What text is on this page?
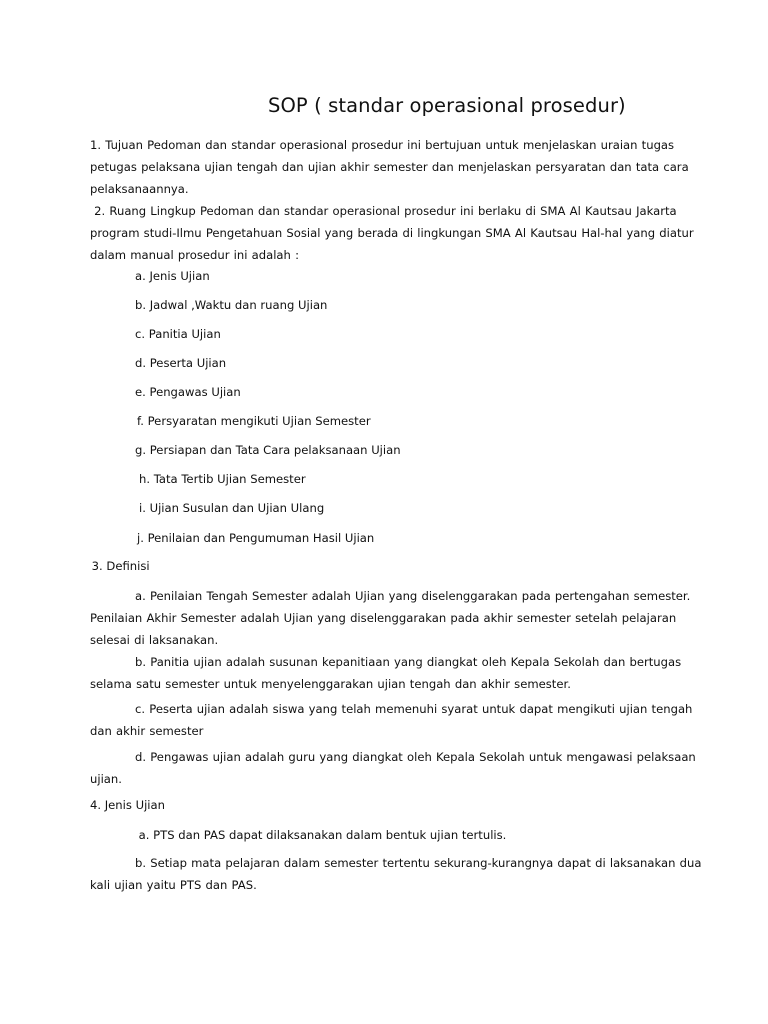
SOP ( standar operasional prosedur)
1. Tujuan Pedoman dan standar operasional prosedur ini bertujuan untuk menjelaskan uraian tugas
petugas pelaksana ujian tengah dan ujian akhir semester dan menjelaskan persyaratan dan tata cara
pelaksanaannya.
2. Ruang Lingkup Pedoman dan standar operasional prosedur ini berlaku di SMA Al Kautsau Jakarta
program studi-Ilmu Pengetahuan Sosial yang berada di lingkungan SMA Al Kautsau Hal-hal yang diatur
dalam manual prosedur ini adalah :
a. Jenis Ujian
b. Jadwal ,Waktu dan ruang Ujian
c. Panitia Ujian
d. Peserta Ujian
e. Pengawas Ujian
f. Persyaratan mengikuti Ujian Semester
g. Persiapan dan Tata Cara pelaksanaan Ujian
h. Tata Tertib Ujian Semester
i. Ujian Susulan dan Ujian Ulang
j. Penilaian dan Pengumuman Hasil Ujian
3. Definisi
a. Penilaian Tengah Semester adalah Ujian yang diselenggarakan pada pertengahan semester.
Penilaian Akhir Semester adalah Ujian yang diselenggarakan pada akhir semester setelah pelajaran
selesai di laksanakan.
b. Panitia ujian adalah susunan kepanitiaan yang diangkat oleh Kepala Sekolah dan bertugas
selama satu semester untuk menyelenggarakan ujian tengah dan akhir semester.
c. Peserta ujian adalah siswa yang telah memenuhi syarat untuk dapat mengikuti ujian tengah
dan akhir semester
d. Pengawas ujian adalah guru yang diangkat oleh Kepala Sekolah untuk mengawasi pelaksaan
ujian.
4. Jenis Ujian
a. PTS dan PAS dapat dilaksanakan dalam bentuk ujian tertulis.
b. Setiap mata pelajaran dalam semester tertentu sekurang-kurangnya dapat di laksanakan dua
kali ujian yaitu PTS dan PAS.
